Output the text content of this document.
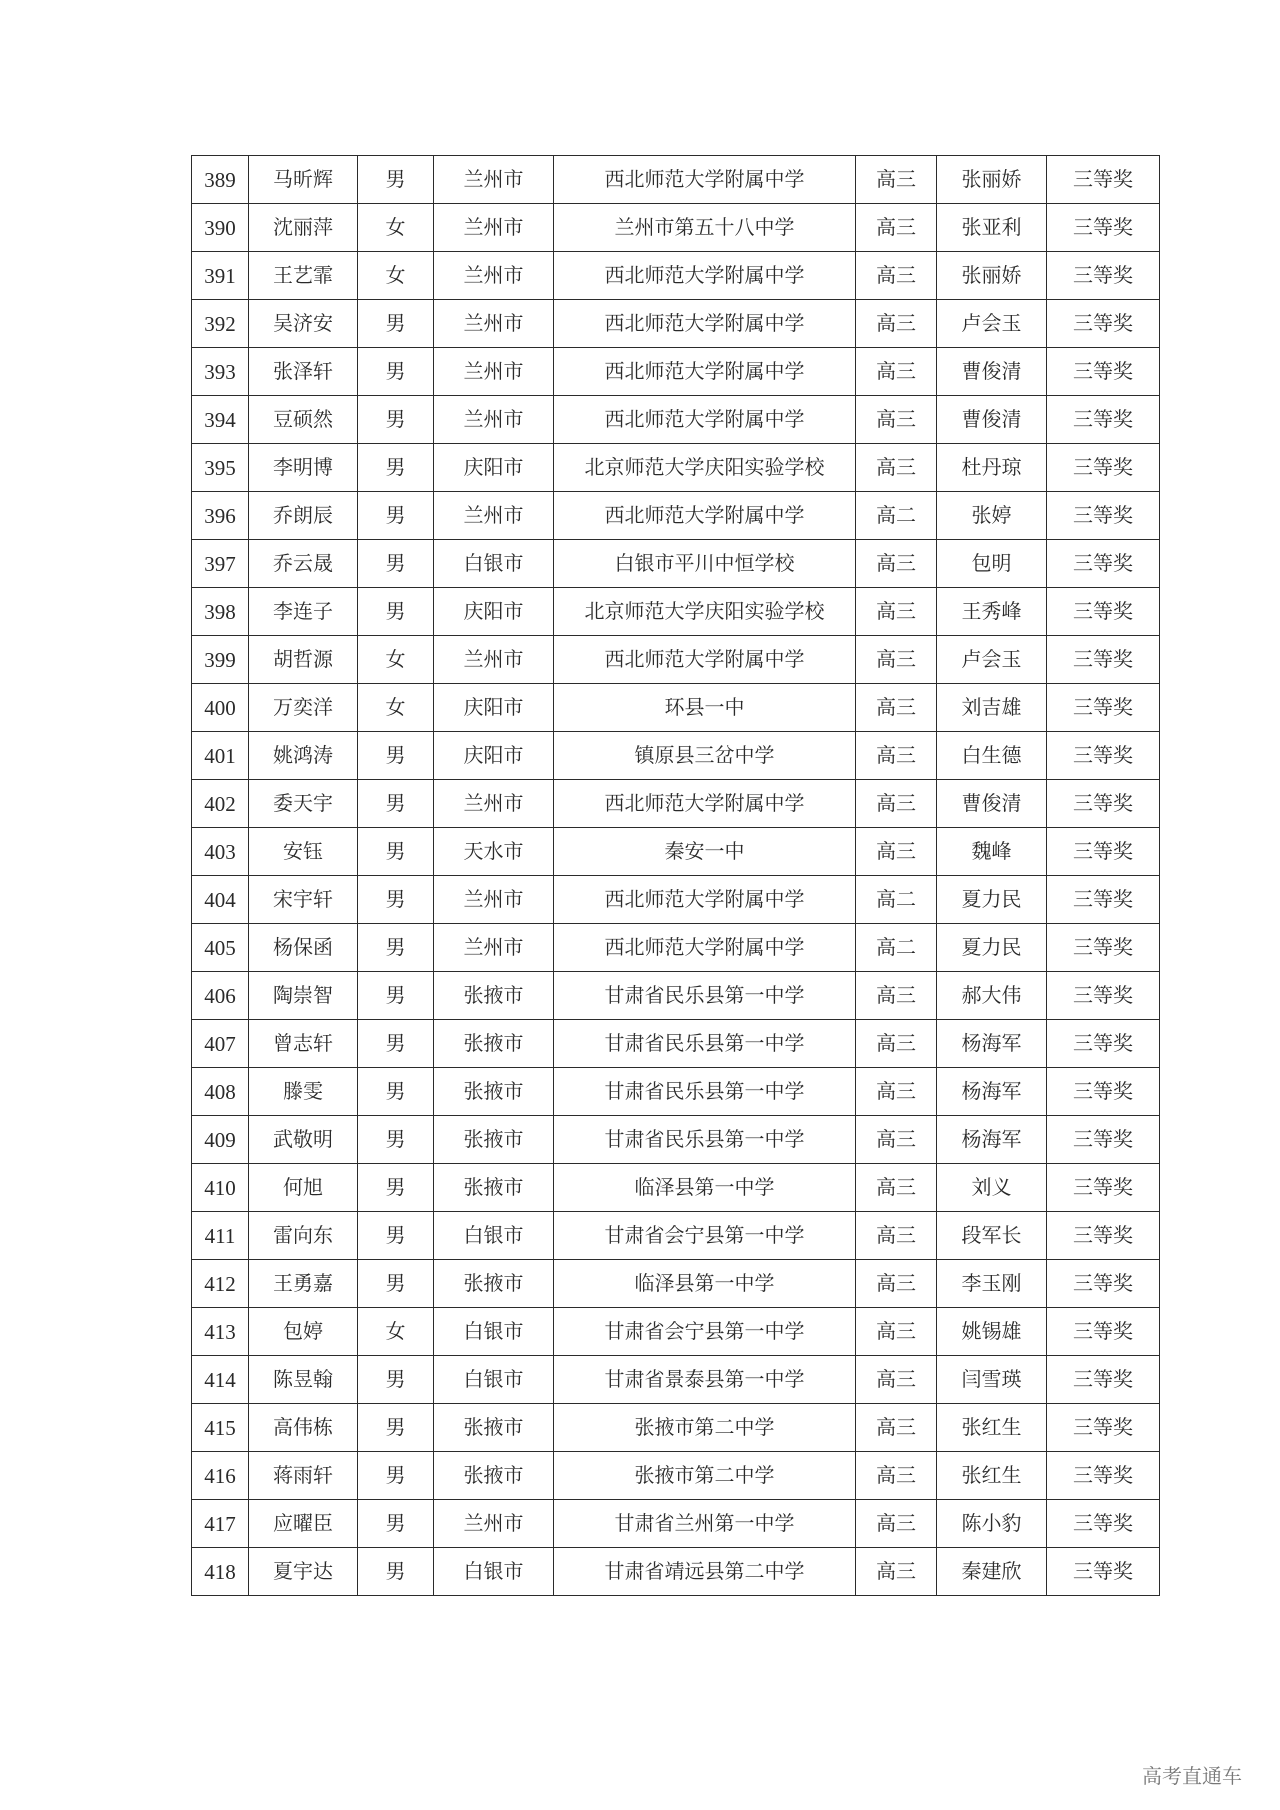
389	马昕辉	男	兰州市	西北师范大学附属中学	高三	张丽娇	三等奖
390	沈丽萍	女	兰州市	兰州市第五十八中学	高三	张亚利	三等奖
391	王艺霏	女	兰州市	西北师范大学附属中学	高三	张丽娇	三等奖
392	吴济安	男	兰州市	西北师范大学附属中学	高三	卢会玉	三等奖
393	张泽轩	男	兰州市	西北师范大学附属中学	高三	曹俊清	三等奖
394	豆硕然	男	兰州市	西北师范大学附属中学	高三	曹俊清	三等奖
395	李明博	男	庆阳市	北京师范大学庆阳实验学校	高三	杜丹琼	三等奖
396	乔朗辰	男	兰州市	西北师范大学附属中学	高二	张婷	三等奖
397	乔云晟	男	白银市	白银市平川中恒学校	高三	包明	三等奖
398	李连子	男	庆阳市	北京师范大学庆阳实验学校	高三	王秀峰	三等奖
399	胡哲源	女	兰州市	西北师范大学附属中学	高三	卢会玉	三等奖
400	万奕洋	女	庆阳市	环县一中	高三	刘吉雄	三等奖
401	姚鸿涛	男	庆阳市	镇原县三岔中学	高三	白生德	三等奖
402	委天宇	男	兰州市	西北师范大学附属中学	高三	曹俊清	三等奖
403	安钰	男	天水市	秦安一中	高三	魏峰	三等奖
404	宋宇轩	男	兰州市	西北师范大学附属中学	高二	夏力民	三等奖
405	杨保函	男	兰州市	西北师范大学附属中学	高二	夏力民	三等奖
406	陶崇智	男	张掖市	甘肃省民乐县第一中学	高三	郝大伟	三等奖
407	曾志轩	男	张掖市	甘肃省民乐县第一中学	高三	杨海军	三等奖
408	滕雯	男	张掖市	甘肃省民乐县第一中学	高三	杨海军	三等奖
409	武敬明	男	张掖市	甘肃省民乐县第一中学	高三	杨海军	三等奖
410	何旭	男	张掖市	临泽县第一中学	高三	刘义	三等奖
411	雷向东	男	白银市	甘肃省会宁县第一中学	高三	段军长	三等奖
412	王勇嘉	男	张掖市	临泽县第一中学	高三	李玉刚	三等奖
413	包婷	女	白银市	甘肃省会宁县第一中学	高三	姚锡雄	三等奖
414	陈昱翰	男	白银市	甘肃省景泰县第一中学	高三	闫雪瑛	三等奖
415	高伟栋	男	张掖市	张掖市第二中学	高三	张红生	三等奖
416	蒋雨轩	男	张掖市	张掖市第二中学	高三	张红生	三等奖
417	应曜臣	男	兰州市	甘肃省兰州第一中学	高三	陈小豹	三等奖
418	夏宇达	男	白银市	甘肃省靖远县第二中学	高三	秦建欣	三等奖
高考直通车
